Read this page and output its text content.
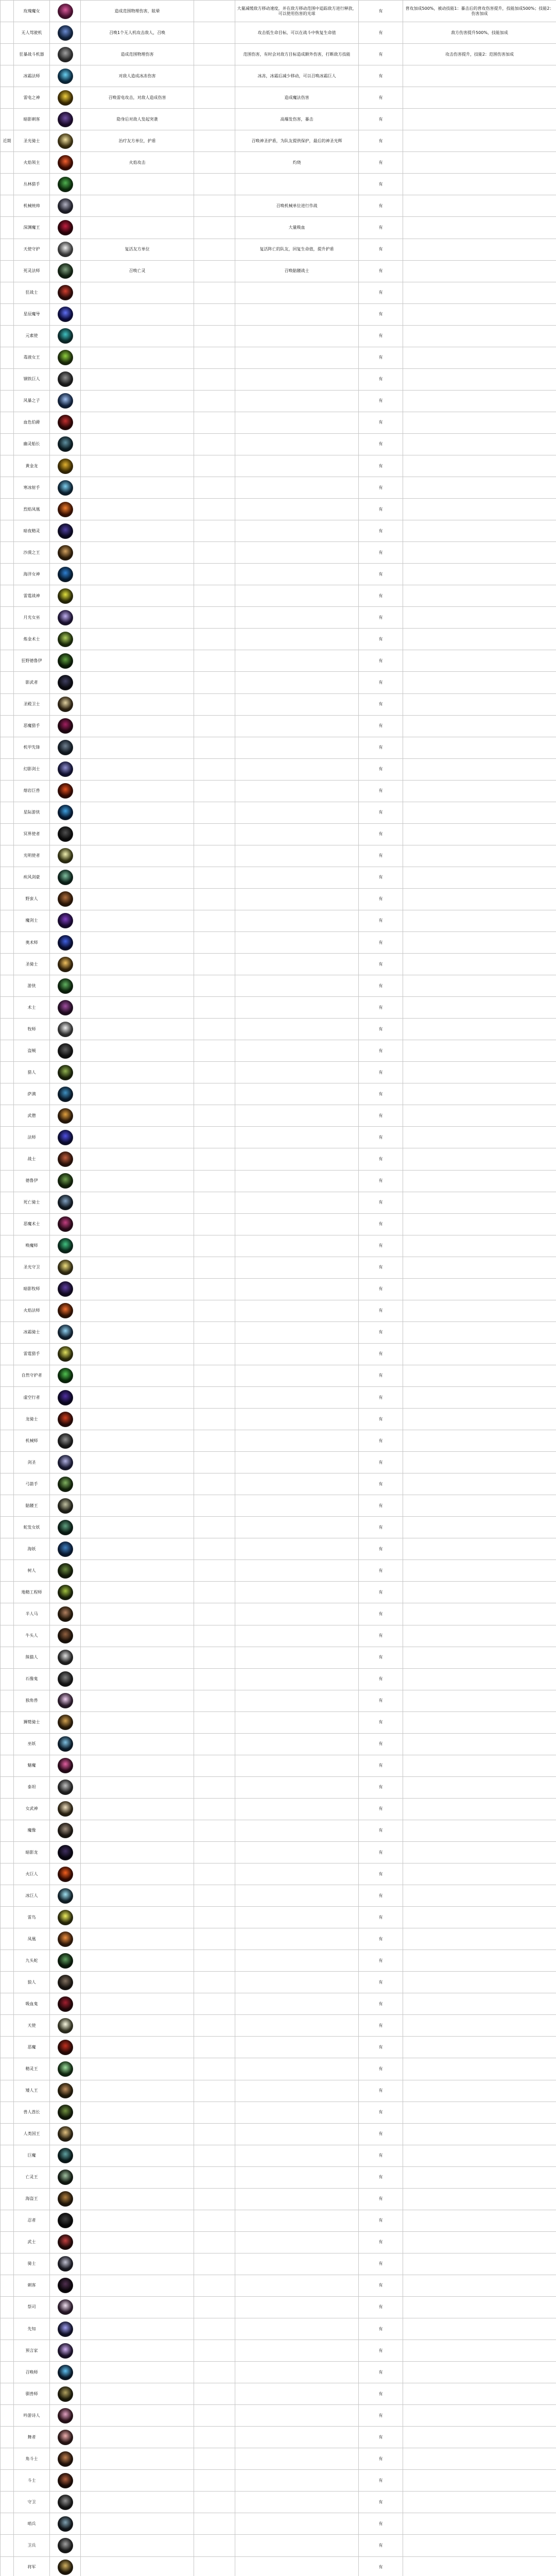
	玫瑰魔女		造成范围物理伤害，眩晕		大量减缓敌方移动速度，并在敌方移动范围中追踪敌方进行释放，可以使用伤害的光球	有	普攻加成500%，被动技能1：暴击后的普攻伤害提升，技能加成500%；技能2：伤害加成
	无人驾驶机		召唤1个无人机攻击敌人，召唤		攻击低生命目标，可以在战斗中恢复生命值	有	敌方伤害提升500%，技能加成
	狂暴战斗机器		造成范围物理伤害		范围伤害，有时会对敌方目标造成额外伤害，打断敌方技能	有	攻击伤害提升，技能2：范围伤害加成
	冰霜法师		对敌人造成冰冻伤害		冰冻，冰霜后减少移动，可以召唤冰霜巨人	有	
	雷电之神		召唤雷电攻击，对敌人造成伤害		造成魔法伤害	有	
	暗影刺客		隐身后对敌人发起突袭		高爆发伤害，暴击	有	
近期	圣光骑士		治疗友方单位，护盾		召唤神圣护盾，为队友提供保护，最后的神圣光辉	有	
	火焰领主		火焰攻击		灼烧	有	
	丛林猎手					有	
	机械统帅				召唤机械单位进行作战	有	
	深渊魔王				大量吸血	有	
	天使守护		复活友方单位		复活阵亡的队友，回复生命值，提升护盾	有	
	死灵法师		召唤亡灵		召唤骷髅战士	有	
	狂战士					有	
	星辰魔导					有	
	元素使					有	
	毒液女王					有	
	钢铁巨人					有	
	风暴之子					有	
	血色伯爵					有	
	幽灵船长					有	
	黄金龙					有	
	寒冰射手					有	
	烈焰凤凰					有	
	暗夜精灵					有	
	沙漠之王					有	
	海洋女神					有	
	雷霆战神					有	
	月光女巫					有	
	炼金术士					有	
	狂野德鲁伊					有	
	影武者					有	
	圣殿卫士					有	
	恶魔猎手					有	
	机甲先锋					有	
	幻影剑士					有	
	熔岩巨兽					有	
	星际游侠					有	
	冥界使者					有	
	光明使者					有	
	疾风剑豪					有	
	野蛮人					有	
	魔剑士					有	
	奥术师					有	
	圣骑士					有	
	游侠					有	
	术士					有	
	牧师					有	
	盗贼					有	
	猎人					有	
	萨满					有	
	武僧					有	
	法师					有	
	战士					有	
	德鲁伊					有	
	死亡骑士					有	
	恶魔术士					有	
	唤魔师					有	
	圣光守卫					有	
	暗影牧师					有	
	火焰法师					有	
	冰霜骑士					有	
	雷霆猎手					有	
	自然守护者					有	
	虚空行者					有	
	龙骑士					有	
	机械师					有	
	剑圣					有	
	弓箭手					有	
	骷髅王					有	
	蛇发女妖					有	
	海妖					有	
	树人					有	
	地精工程师					有	
	半人马					有	
	牛头人					有	
	熊猫人					有	
	石像鬼					有	
	独角兽					有	
	狮鹫骑士					有	
	巫妖					有	
	魅魔					有	
	泰坦					有	
	女武神					有	
	魔像					有	
	暗影龙					有	
	火巨人					有	
	冰巨人					有	
	雷鸟					有	
	凤凰					有	
	九头蛇					有	
	狼人					有	
	吸血鬼					有	
	天使					有	
	恶魔					有	
	精灵王					有	
	矮人王					有	
	兽人酋长					有	
	人类国王					有	
	巨魔					有	
	亡灵王					有	
	海盗王					有	
	忍者					有	
	武士					有	
	骑士					有	
	刺客					有	
	祭司					有	
	先知					有	
	预言家					有	
	召唤师					有	
	驯兽师					有	
	吟游诗人					有	
	舞者					有	
	角斗士					有	
	斗士					有	
	守卫					有	
	哨兵					有	
	卫兵					有	
	将军					有	
